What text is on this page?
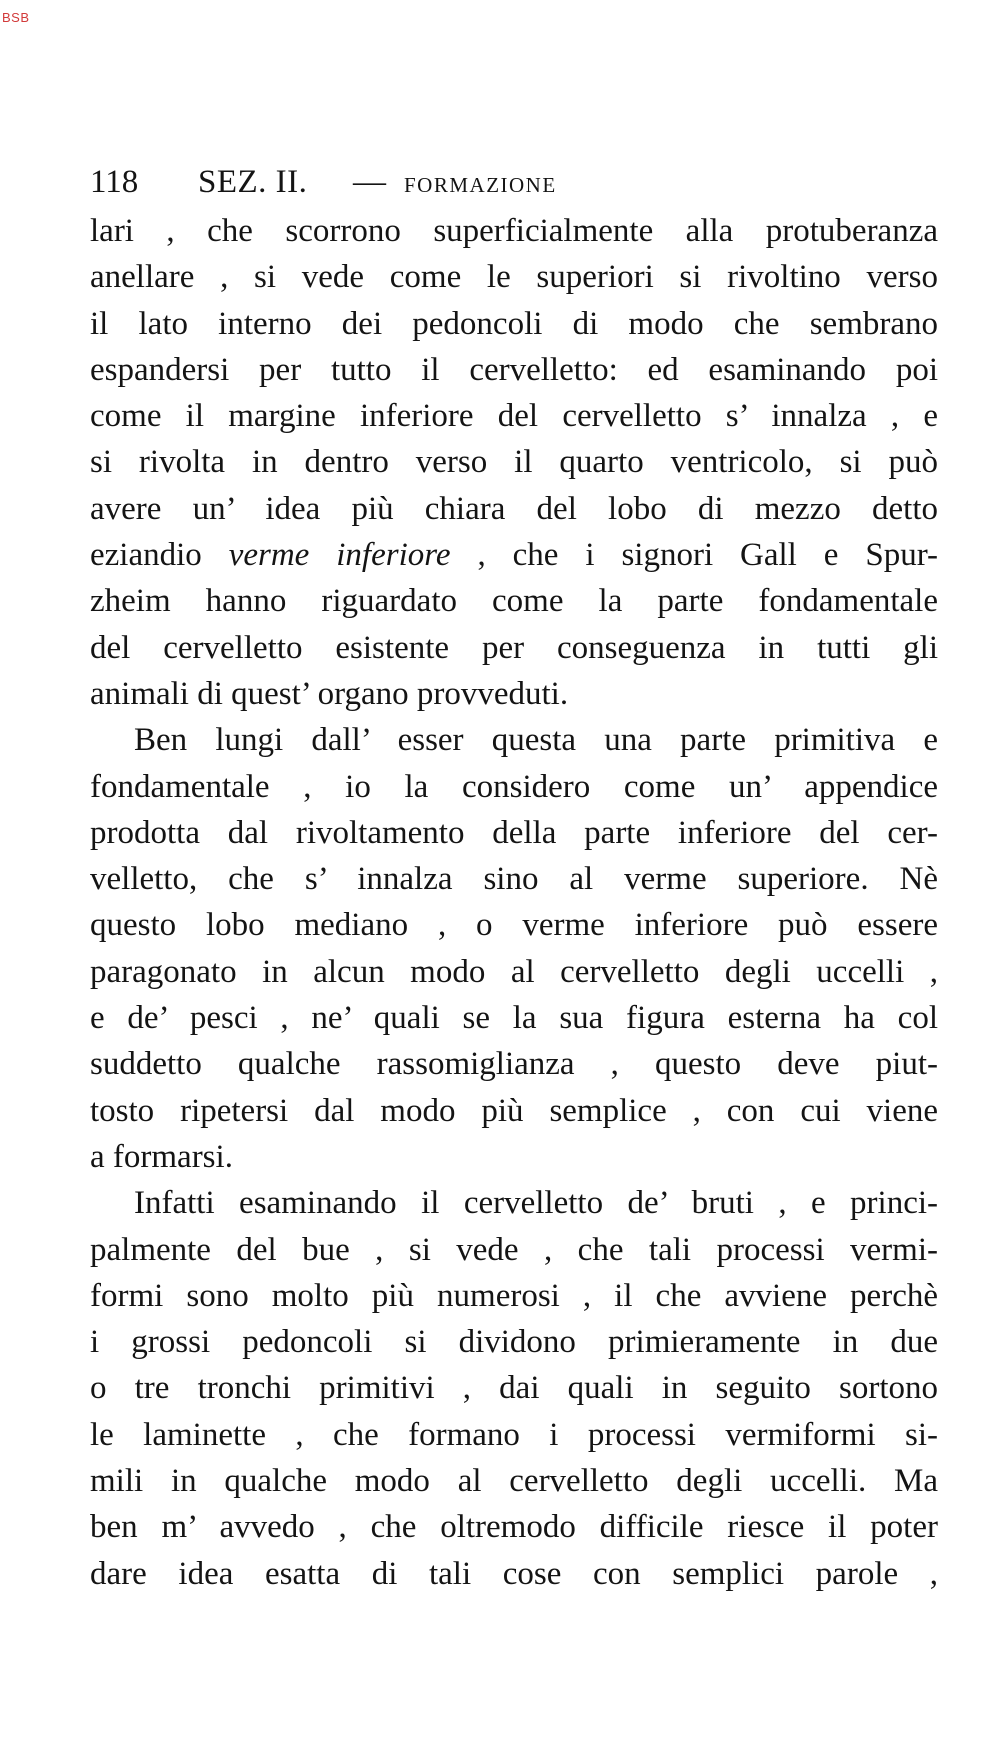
BSB
118 SEZ. II. — FORMAZIONE
lari , che scorrono superficialmente alla protuberanza
anellare , si vede come le superiori si rivoltino verso
il lato interno dei pedoncoli di modo che sembrano
espandersi per tutto il cervelletto: ed esaminando poi
come il margine inferiore del cervelletto s’ innalza , e
si rivolta in dentro verso il quarto ventricolo, si può
avere un’ idea più chiara del lobo di mezzo detto
eziandio verme inferiore , che i signori Gall e Spur-
zheim hanno riguardato come la parte fondamentale
del cervelletto esistente per conseguenza in tutti gli
animali di quest’ organo provveduti.
Ben lungi dall’ esser questa una parte primitiva e
fondamentale , io la considero come un’ appendice
prodotta dal rivoltamento della parte inferiore del cer-
velletto, che s’ innalza sino al verme superiore. Nè
questo lobo mediano , o verme inferiore può essere
paragonato in alcun modo al cervelletto degli uccelli ,
e de’ pesci , ne’ quali se la sua figura esterna ha col
suddetto qualche rassomiglianza , questo deve piut-
tosto ripetersi dal modo più semplice , con cui viene
a formarsi.
Infatti esaminando il cervelletto de’ bruti , e princi-
palmente del bue , si vede , che tali processi vermi-
formi sono molto più numerosi , il che avviene perchè
i grossi pedoncoli si dividono primieramente in due
o tre tronchi primitivi , dai quali in seguito sortono
le laminette , che formano i processi vermiformi si-
mili in qualche modo al cervelletto degli uccelli. Ma
ben m’ avvedo , che oltremodo difficile riesce il poter
dare idea esatta di tali cose con semplici parole ,
